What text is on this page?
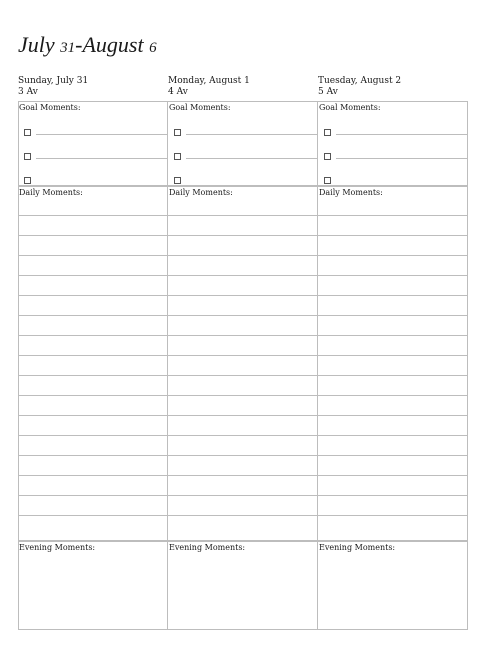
July 31-August 6
Sunday, July 31
3 Av
Monday, August 1
4 Av
Tuesday, August 2
5 Av
Goal Moments:
Daily Moments:
Evening Moments:
Goal Moments:
Daily Moments:
Evening Moments:
Goal Moments:
Daily Moments:
Evening Moments:
